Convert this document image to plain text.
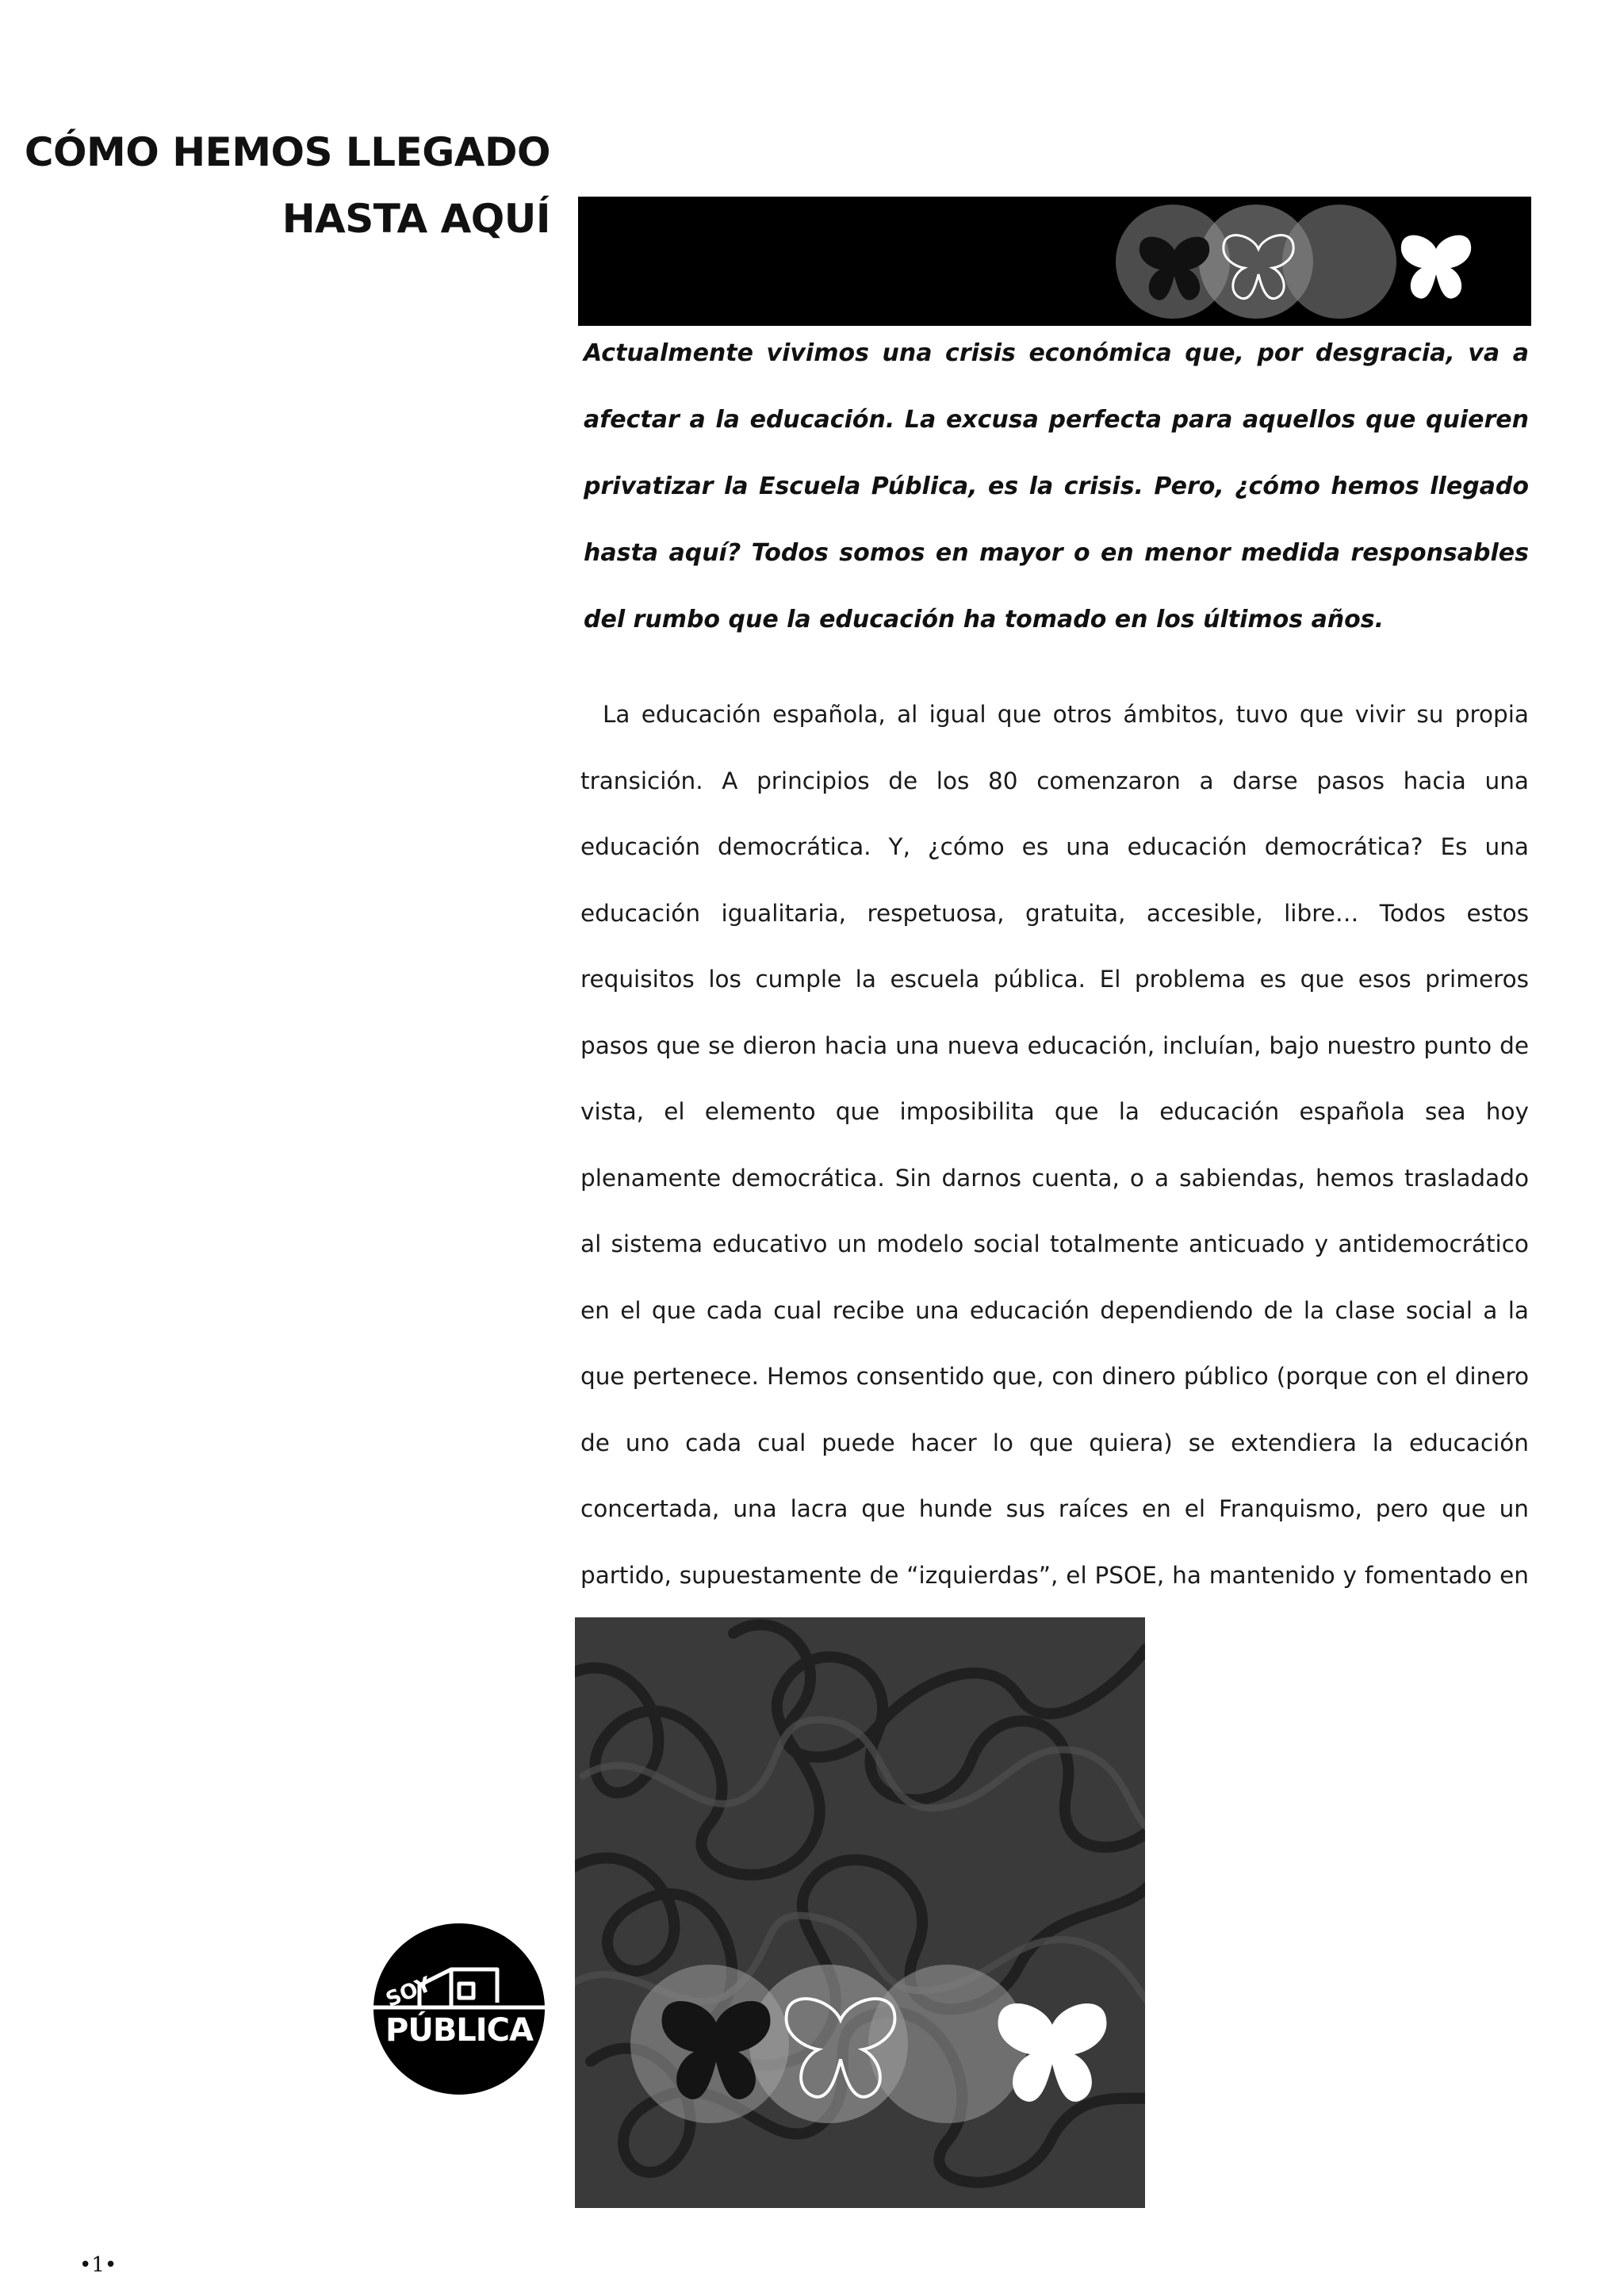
CÓMO HEMOS LLEGADO
HASTA AQUÍ

Actualmente vivimos una crisis económica que, por desgracia, va a afectar a la educación. La excusa perfecta para aquellos que quieren privatizar la Escuela Pública, es la crisis. Pero, ¿cómo hemos llegado hasta aquí? Todos somos en mayor o en menor medida responsables del rumbo que la educación ha tomado en los últimos años.

La educación española, al igual que otros ámbitos, tuvo que vivir su propia transición. A principios de los 80 comenzaron a darse pasos hacia una educación democrática. Y, ¿cómo es una educación democrática? Es una educación igualitaria, respetuosa, gratuita, accesible, libre… Todos estos requisitos los cumple la escuela pública. El problema es que esos primeros pasos que se dieron hacia una nueva educación, incluían, bajo nuestro punto de vista, el elemento que imposibilita que la educación española sea hoy plenamente democrática. Sin darnos cuenta, o a sabiendas, hemos trasladado al sistema educativo un modelo social totalmente anticuado y antidemocrático en el que cada cual recibe una educación dependiendo de la clase social a la que pertenece. Hemos consentido que, con dinero público (porque con el dinero de uno cada cual puede hacer lo que quiera) se extendiera la educación concertada, una lacra que hunde sus raíces en el Franquismo, pero que un partido, supuestamente de “izquierdas”, el PSOE, ha mantenido y fomentado en

SOY
PÚBLICA

•1•
